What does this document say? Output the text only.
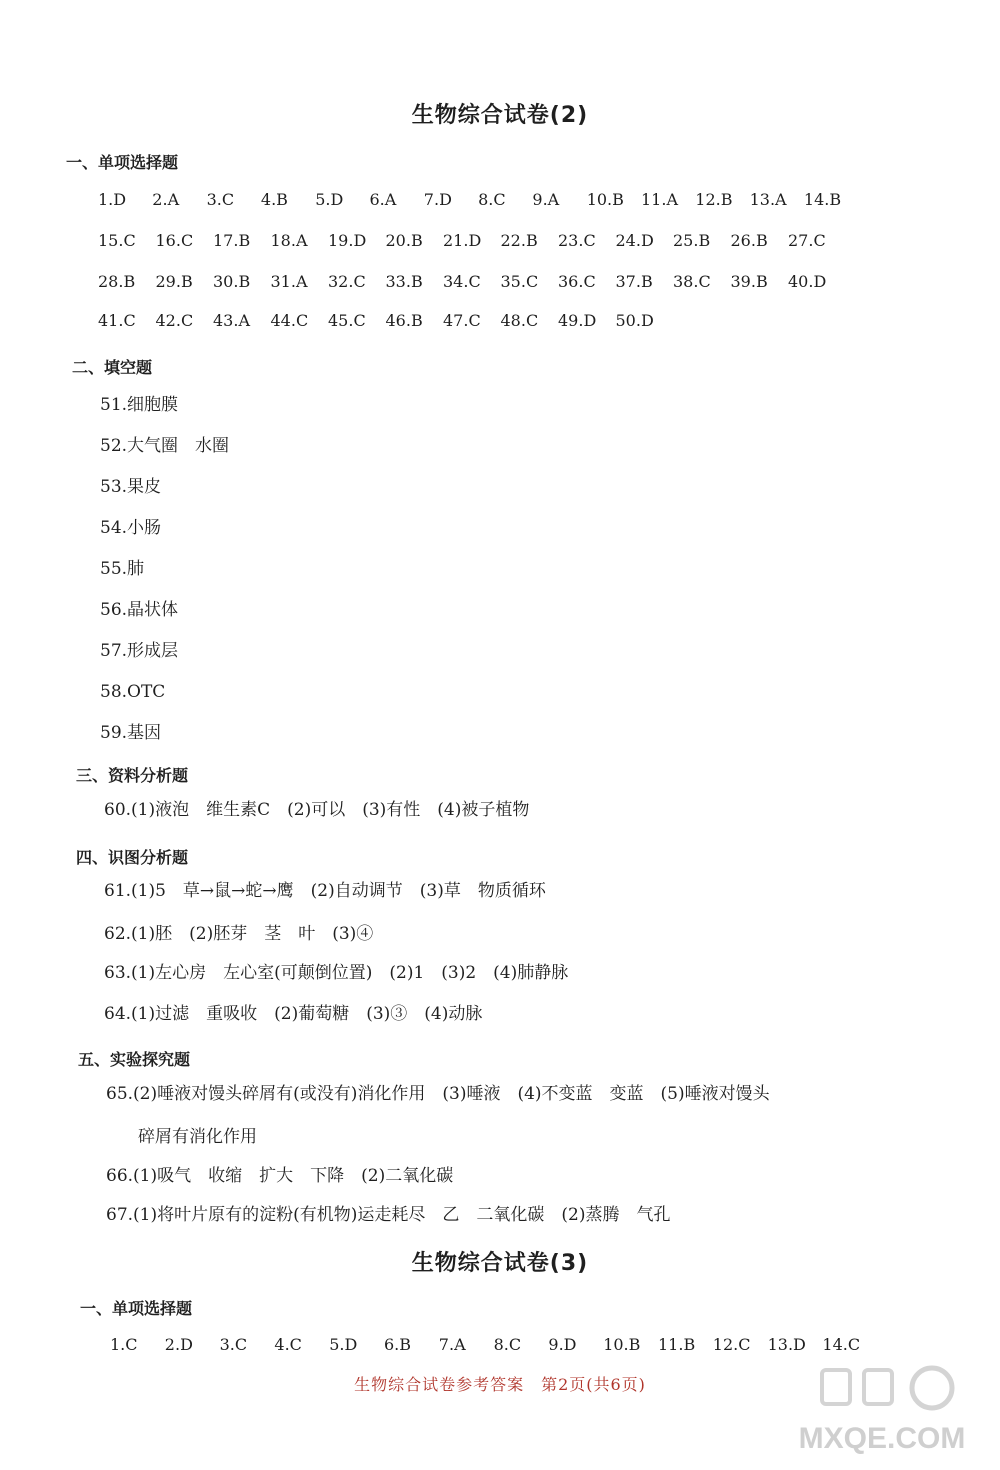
生物综合试卷(2)
一、单项选择题
1.D 2.A 3.C 4.B 5.D 6.A 7.D 8.C 9.A 10.B 11.A 12.B 13.A 14.B
15.C 16.C 17.B 18.A 19.D 20.B 21.D 22.B 23.C 24.D 25.B 26.B 27.C
28.B 29.B 30.B 31.A 32.C 33.B 34.C 35.C 36.C 37.B 38.C 39.B 40.D
41.C 42.C 43.A 44.C 45.C 46.B 47.C 48.C 49.D 50.D
二、填空题
51.细胞膜
52.大气圈　水圈
53.果皮
54.小肠
55.肺
56.晶状体
57.形成层
58.OTC
59.基因
三、资料分析题
60.(1)液泡　维生素C　(2)可以　(3)有性　(4)被子植物
四、识图分析题
61.(1)5　草→鼠→蛇→鹰　(2)自动调节　(3)草　物质循环
62.(1)胚　(2)胚芽　茎　叶　(3)④
63.(1)左心房　左心室(可颠倒位置)　(2)1　(3)2　(4)肺静脉
64.(1)过滤　重吸收　(2)葡萄糖　(3)③　(4)动脉
五、实验探究题
65.(2)唾液对馒头碎屑有(或没有)消化作用　(3)唾液　(4)不变蓝　变蓝　(5)唾液对馒头
碎屑有消化作用
66.(1)吸气　收缩　扩大　下降　(2)二氧化碳
67.(1)将叶片原有的淀粉(有机物)运走耗尽　乙　二氧化碳　(2)蒸腾　气孔
生物综合试卷(3)
一、单项选择题
1.C 2.D 3.C 4.C 5.D 6.B 7.A 8.C 9.D 10.B 11.B 12.C 13.D 14.C
生物综合试卷参考答案　第2页(共6页)
MXQE.COM
